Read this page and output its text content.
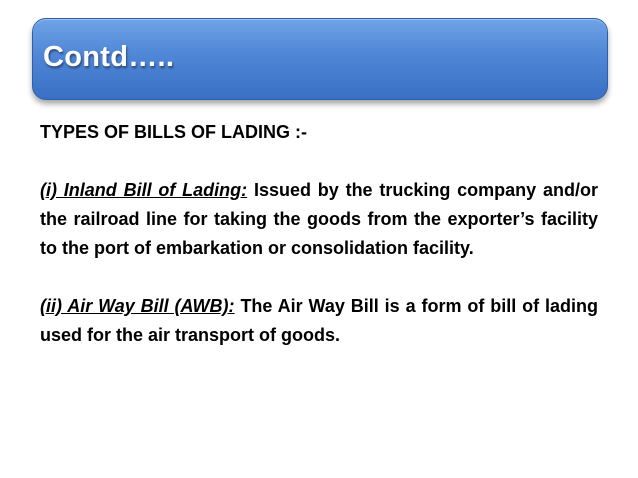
Contd…..

TYPES OF BILLS OF LADING :-

(i) Inland Bill of Lading: Issued by the trucking company and/or the railroad line for taking the goods from the exporter’s facility to the port of embarkation or consolidation facility.

(ii) Air Way Bill (AWB): The Air Way Bill is a form of bill of lading used for the air transport of goods.
